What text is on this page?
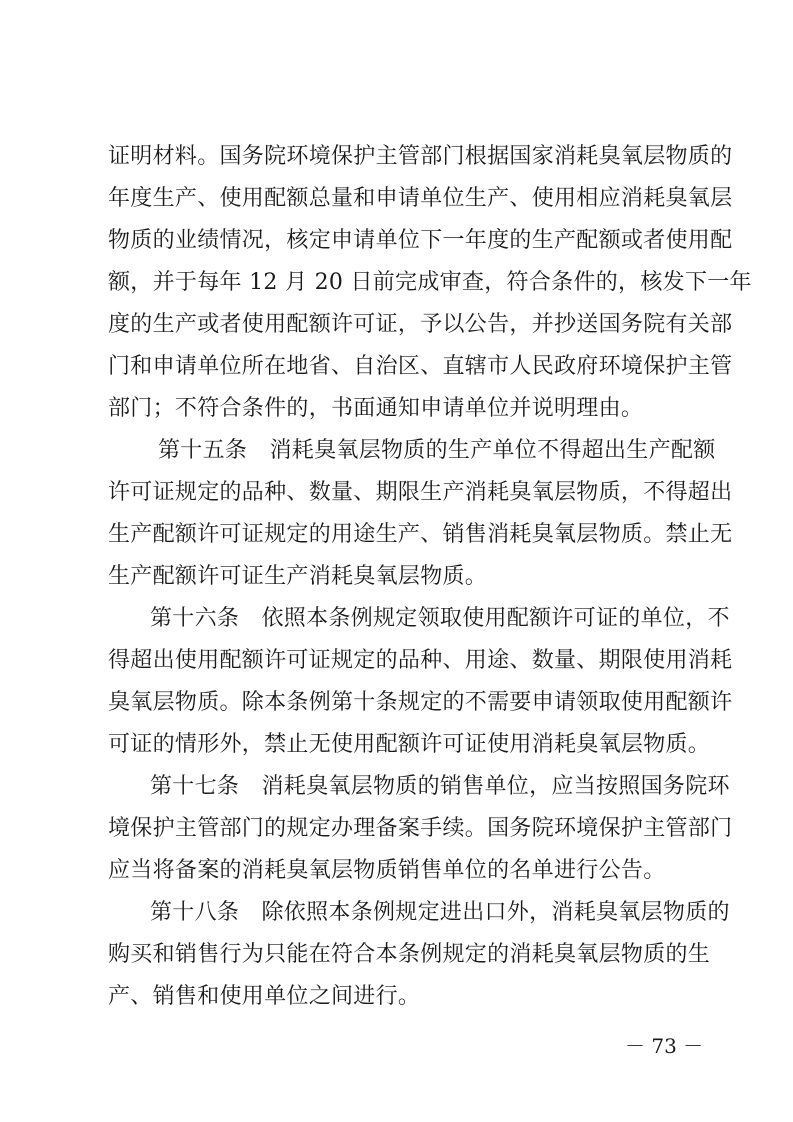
证明材料。国务院环境保护主管部门根据国家消耗臭氧层物质的
年度生产、使用配额总量和申请单位生产、使用相应消耗臭氧层
物质的业绩情况，核定申请单位下一年度的生产配额或者使用配
额，并于每年 12 月 20 日前完成审查，符合条件的，核发下一年
度的生产或者使用配额许可证，予以公告，并抄送国务院有关部
门和申请单位所在地省、自治区、直辖市人民政府环境保护主管
部门；不符合条件的，书面通知申请单位并说明理由。
第十五条　消耗臭氧层物质的生产单位不得超出生产配额
许可证规定的品种、数量、期限生产消耗臭氧层物质，不得超出
生产配额许可证规定的用途生产、销售消耗臭氧层物质。禁止无
生产配额许可证生产消耗臭氧层物质。
第十六条　依照本条例规定领取使用配额许可证的单位，不
得超出使用配额许可证规定的品种、用途、数量、期限使用消耗
臭氧层物质。除本条例第十条规定的不需要申请领取使用配额许
可证的情形外，禁止无使用配额许可证使用消耗臭氧层物质。
第十七条　消耗臭氧层物质的销售单位，应当按照国务院环
境保护主管部门的规定办理备案手续。国务院环境保护主管部门
应当将备案的消耗臭氧层物质销售单位的名单进行公告。
第十八条　除依照本条例规定进出口外，消耗臭氧层物质的
购买和销售行为只能在符合本条例规定的消耗臭氧层物质的生
产、销售和使用单位之间进行。
－ 73 －
